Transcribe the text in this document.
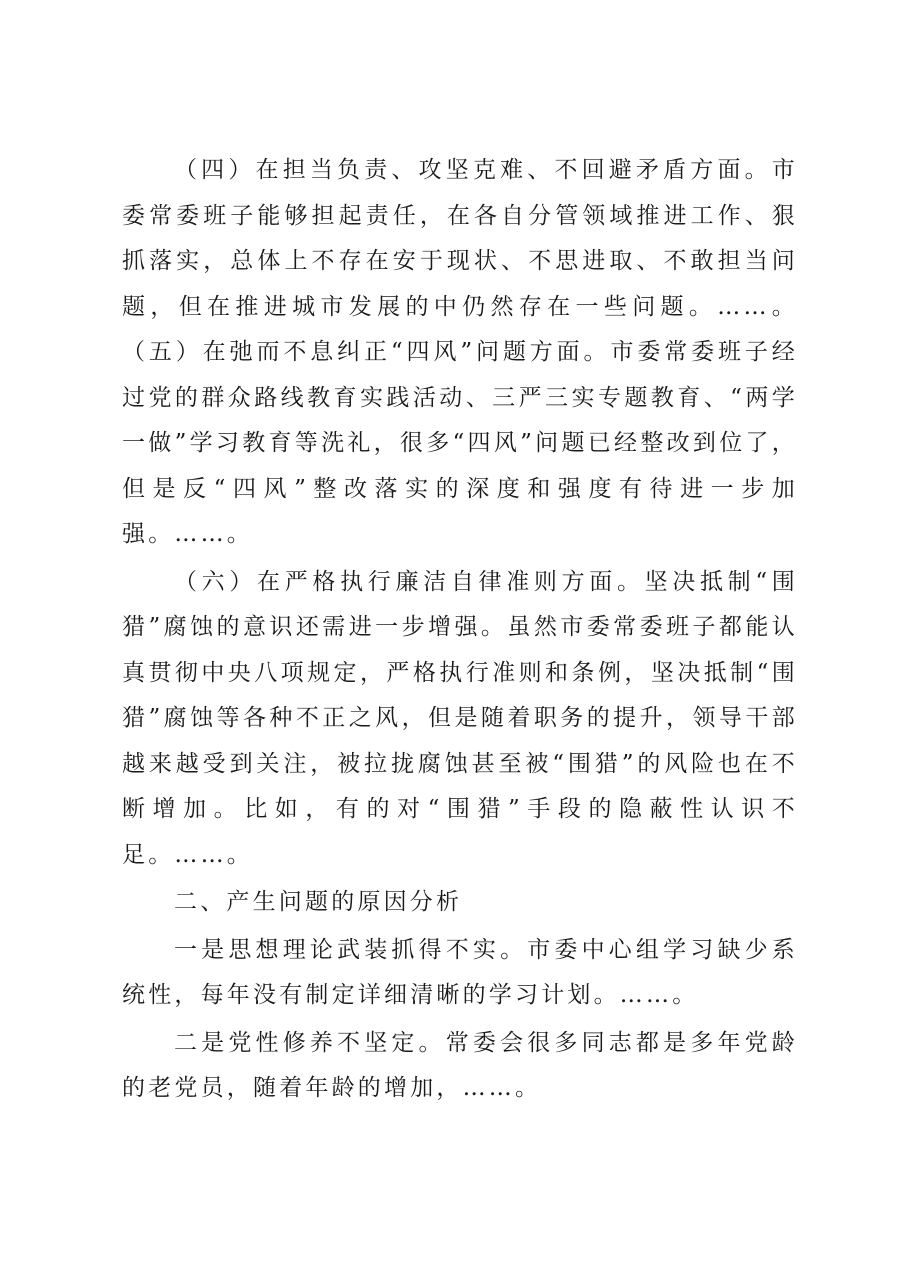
（四）在担当负责、攻坚克难、不回避矛盾方面。市委常委班子能够担起责任，在各自分管领域推进工作、狠抓落实，总体上不存在安于现状、不思进取、不敢担当问题，但在推进城市发展的中仍然存在一些问题。……。（五）在弛而不息纠正“四风”问题方面。市委常委班子经过党的群众路线教育实践活动、三严三实专题教育、“两学一做”学习教育等洗礼，很多“四风”问题已经整改到位了，但是反“四风”整改落实的深度和强度有待进一步加强。……。

（六）在严格执行廉洁自律准则方面。坚决抵制“围猎”腐蚀的意识还需进一步增强。虽然市委常委班子都能认真贯彻中央八项规定，严格执行准则和条例，坚决抵制“围猎”腐蚀等各种不正之风，但是随着职务的提升，领导干部越来越受到关注，被拉拢腐蚀甚至被“围猎”的风险也在不断增加。比如，有的对“围猎”手段的隐蔽性认识不足。……。

二、产生问题的原因分析

一是思想理论武装抓得不实。市委中心组学习缺少系统性，每年没有制定详细清晰的学习计划。……。

二是党性修养不坚定。常委会很多同志都是多年党龄的老党员，随着年龄的增加，……。
